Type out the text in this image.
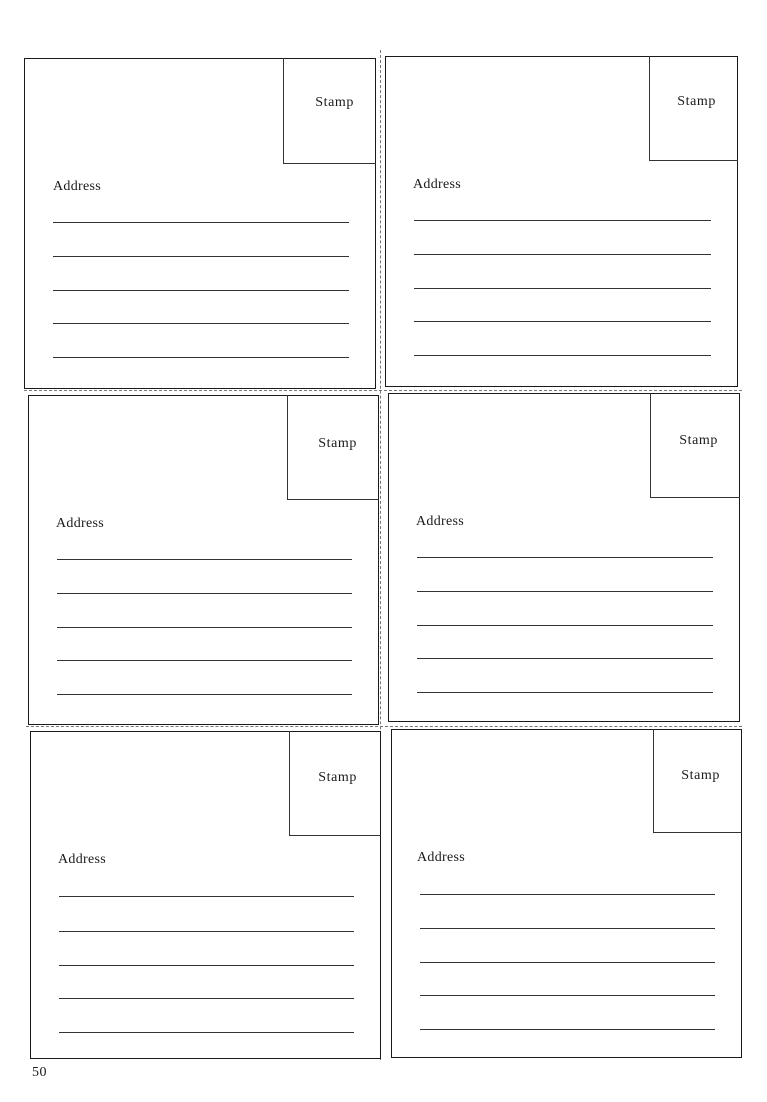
Stamp
Address
Stamp
Address
Stamp
Address
Stamp
Address
Stamp
Address
Stamp
Address
50
